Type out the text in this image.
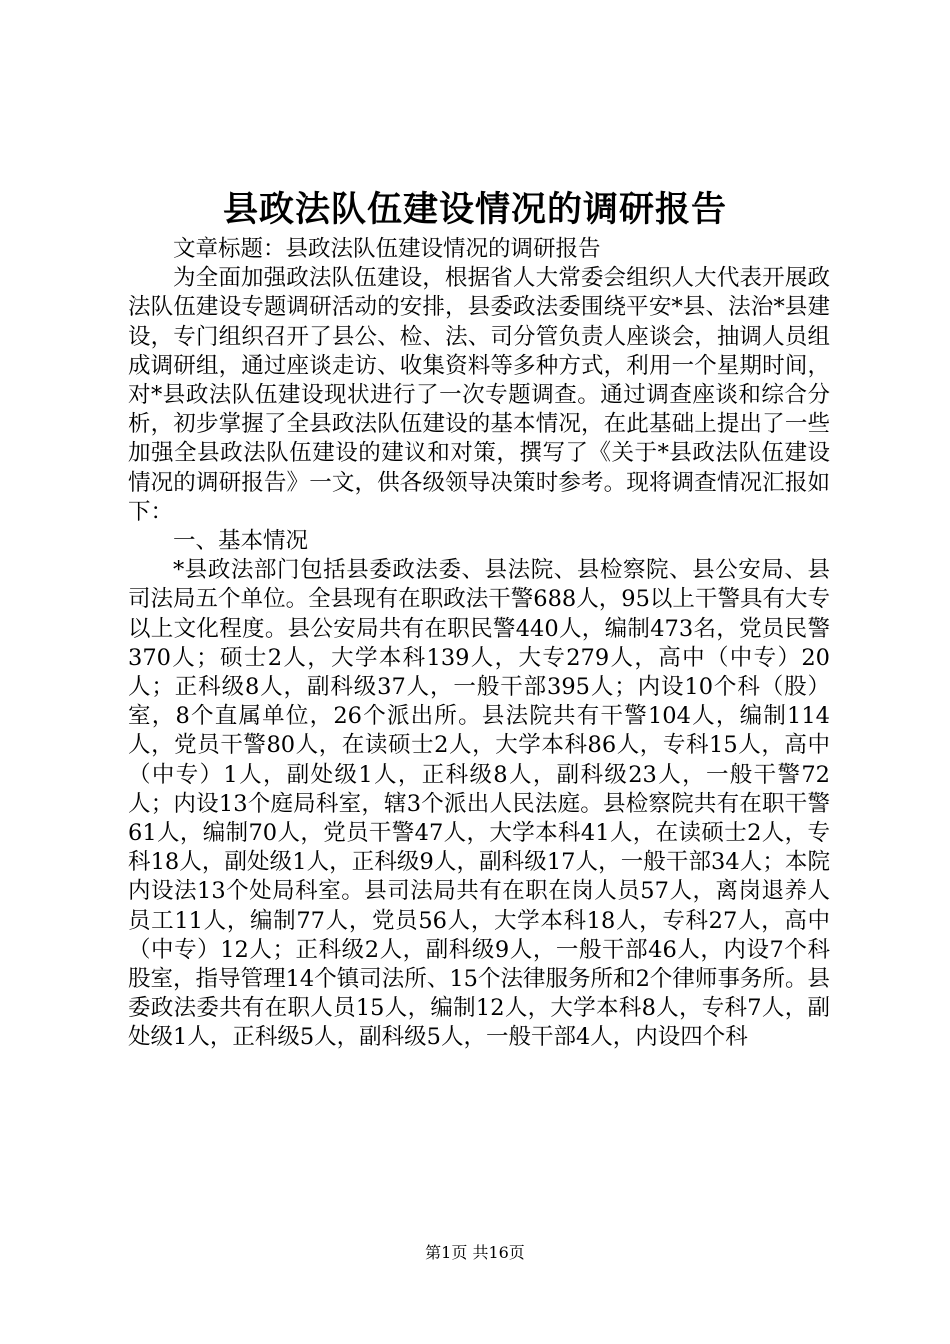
县政法队伍建设情况的调研报告

文章标题：县政法队伍建设情况的调研报告

为全面加强政法队伍建设，根据省人大常委会组织人大代表开展政法队伍建设专题调研活动的安排，县委政法委围绕平安*县、法治*县建设，专门组织召开了县公、检、法、司分管负责人座谈会，抽调人员组成调研组，通过座谈走访、收集资料等多种方式，利用一个星期时间，对*县政法队伍建设现状进行了一次专题调查。通过调查座谈和综合分析，初步掌握了全县政法队伍建设的基本情况，在此基础上提出了一些加强全县政法队伍建设的建议和对策，撰写了《关于*县政法队伍建设情况的调研报告》一文，供各级领导决策时参考。现将调查情况汇报如下：

一、基本情况

*县政法部门包括县委政法委、县法院、县检察院、县公安局、县司法局五个单位。全县现有在职政法干警688人，95以上干警具有大专以上文化程度。县公安局共有在职民警440人，编制473名，党员民警370人；硕士2人，大学本科139人，大专279人，高中（中专）20人；正科级8人，副科级37人，一般干部395人；内设10个科（股）室，8个直属单位，26个派出所。县法院共有干警104人，编制114人，党员干警80人，在读硕士2人，大学本科86人，专科15人，高中（中专）1人，副处级1人，正科级8人，副科级23人，一般干警72人；内设13个庭局科室，辖3个派出人民法庭。县检察院共有在职干警61人，编制70人，党员干警47人，大学本科41人，在读硕士2人，专科18人，副处级1人，正科级9人，副科级17人，一般干部34人；本院内设法13个处局科室。县司法局共有在职在岗人员57人，离岗退养人员工11人，编制77人，党员56人，大学本科18人，专科27人，高中（中专）12人；正科级2人，副科级9人，一般干部46人，内设7个科股室，指导管理14个镇司法所、15个法律服务所和2个律师事务所。县委政法委共有在职人员15人，编制12人，大学本科8人，专科7人，副处级1人，正科级5人，副科级5人，一般干部4人，内设四个科

第1页 共16页
